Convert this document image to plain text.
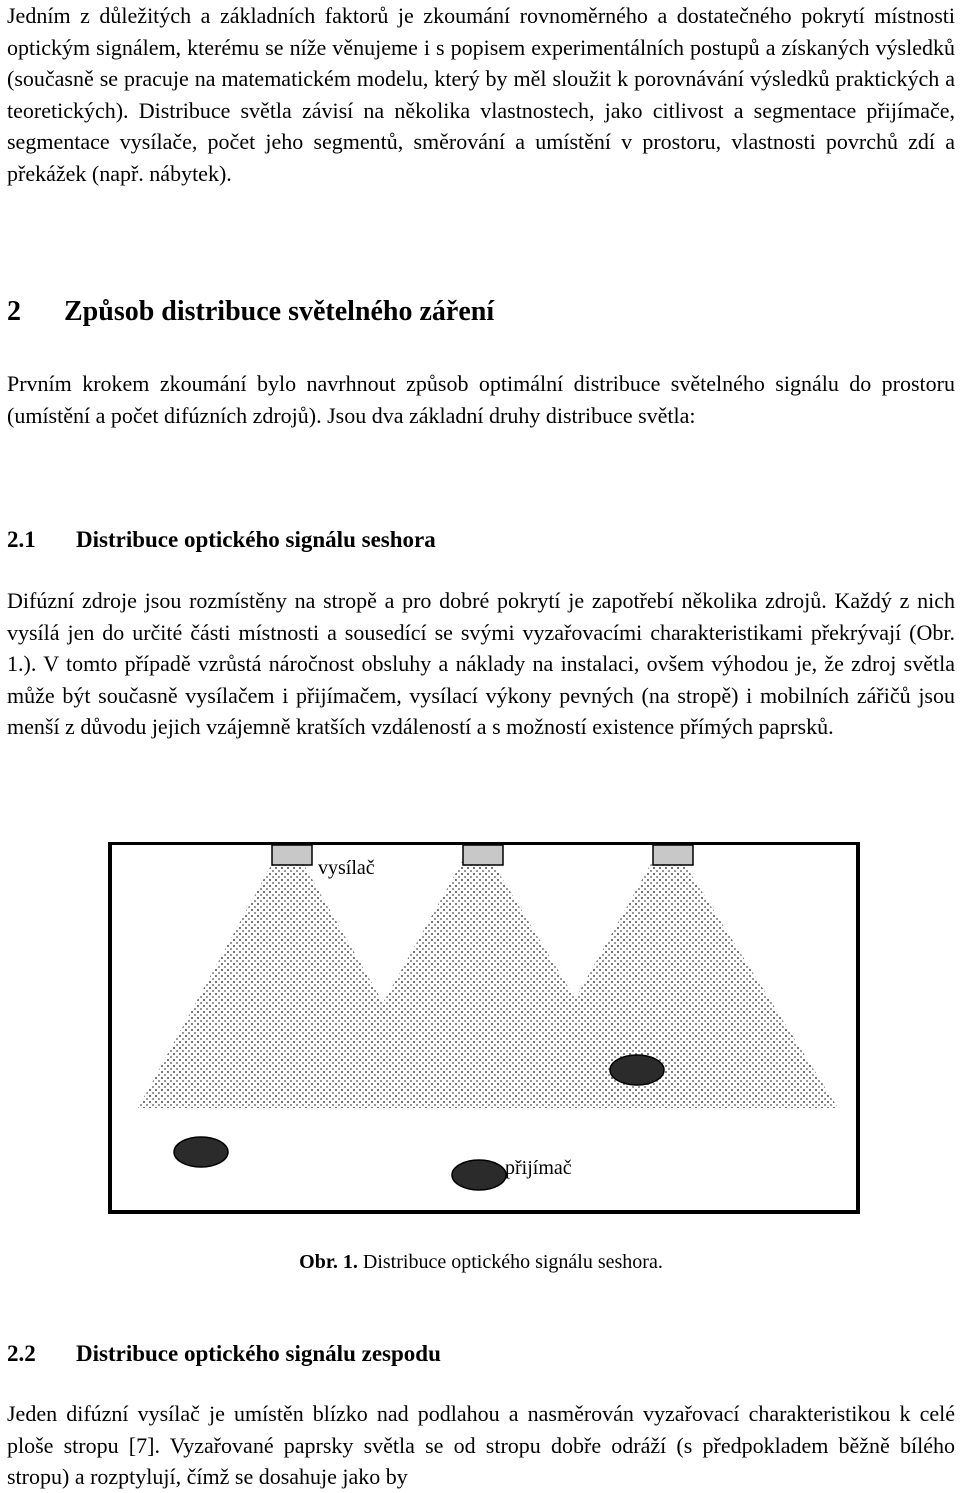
Jedním z důležitých a základních faktorů je zkoumání rovnoměrného a dostatečného pokrytí místnosti optickým signálem, kterému se níže věnujeme i s popisem experimentálních postupů a získaných výsledků (současně se pracuje na matematickém modelu, který by měl sloužit k porovnávání výsledků praktických a teoretických). Distribuce světla závisí na několika vlastnostech, jako citlivost a segmentace přijímače, segmentace vysílače, počet jeho segmentů, směrování a umístění v prostoru, vlastnosti povrchů zdí a překážek (např. nábytek).

2 Způsob distribuce světelného záření

Prvním krokem zkoumání bylo navrhnout způsob optimální distribuce světelného signálu do prostoru (umístění a počet difúzních zdrojů). Jsou dva základní druhy distribuce světla:

2.1 Distribuce optického signálu seshora

Difúzní zdroje jsou rozmístěny na stropě a pro dobré pokrytí je zapotřebí několika zdrojů. Každý z nich vysílá jen do určité části místnosti a sousedící se svými vyzařovacími charakteristikami překrývají (Obr. 1.). V tomto případě vzrůstá náročnost obsluhy a náklady na instalaci, ovšem výhodou je, že zdroj světla může být současně vysílačem i přijímačem, vysílací výkony pevných (na stropě) i mobilních zářičů jsou menší z důvodu jejich vzájemně kratších vzdáleností a s možností existence přímých paprsků.

vysílač
přijímač
Obr. 1. Distribuce optického signálu seshora.
2.2 Distribuce optického signálu zespodu

Jeden difúzní vysílač je umístěn blízko nad podlahou a nasměrován vyzařovací charakteristikou k celé ploše stropu [7]. Vyzařované paprsky světla se od stropu dobře odráží (s předpokladem běžně bílého stropu) a rozptylují, čímž se dosahuje jako by
